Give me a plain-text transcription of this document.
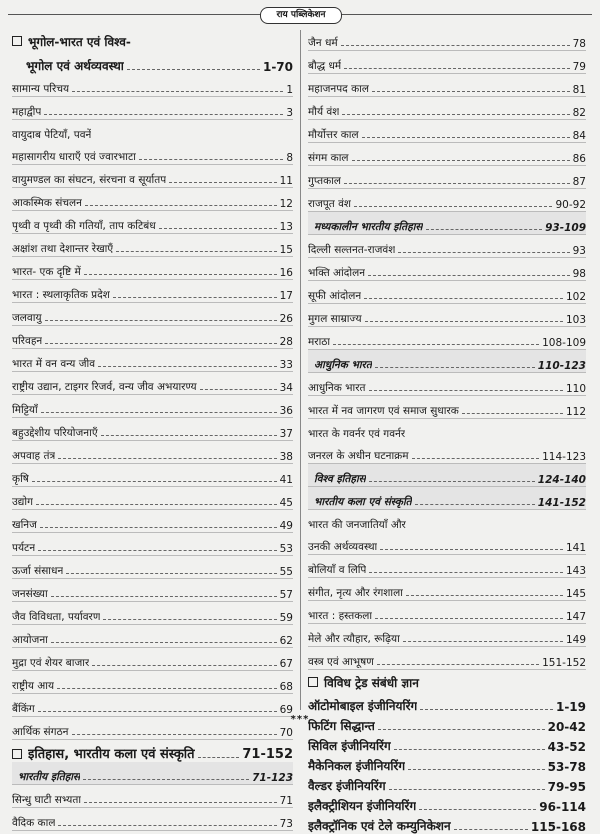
राय पब्लिकेशन
भूगोल-भारत एवं विश्व-
भूगोल एवं अर्थव्यवस्था	1-70
सामान्य परिचय	1
महाद्वीप	3
वायुदाब पेटियाँ, पवनें
महासागरीय धाराएँ एवं ज्वारभाटा	8
वायुमण्डल का संघटन, संरचना व सूर्यातप	11
आकस्मिक संचलन	12
पृथ्वी व पृथ्वी की गतियाँ, ताप कटिबंध	13
अक्षांश तथा देशान्तर रेखाएँ	15
भारत- एक दृष्टि में	16
भारत : स्थलाकृतिक प्रदेश	17
जलवायु	26
परिवहन	28
भारत में वन वन्य जीव	33
राष्ट्रीय उद्यान, टाइगर रिजर्व, वन्य जीव अभयारण्य	34
मिट्टियाँ	36
बहुउद्देशीय परियोजनाएँ	37
अपवाह तंत्र	38
कृषि	41
उद्योग	45
खनिज	49
पर्यटन	53
ऊर्जा संसाधन	55
जनसंख्या	57
जैव विविधता, पर्यावरण	59
आयोजना	62
मुद्रा एवं शेयर बाजार	67
राष्ट्रीय आय	68
बैंकिंग	69
आर्थिक संगठन	70
इतिहास, भारतीय कला एवं संस्कृति	71-152
भारतीय इतिहास	71-123
सिन्धु घाटी सभ्यता	71
वैदिक काल	73
जैन धर्म	78
बौद्ध धर्म	79
महाजनपद काल	81
मौर्य वंश	82
मौर्योत्तर काल	84
संगम काल	86
गुप्तकाल	87
राजपूत वंश	90-92
मध्यकालीन भारतीय इतिहास	93-109
दिल्ली सल्तनत-राजवंश	93
भक्ति आंदोलन	98
सूफी आंदोलन	102
मुगल साम्राज्य	103
मराठा	108-109
आधुनिक भारत	110-123
आधुनिक भारत	110
भारत में नव जागरण एवं समाज सुधारक	112
भारत के गवर्नर एवं गवर्नर
जनरल के अधीन घटनाक्रम	114-123
विश्व इतिहास	124-140
भारतीय कला एवं संस्कृति	141-152
भारत की जनजातियाँ और
उनकी अर्थव्यवस्था	141
बोलियाँ व लिपि	143
संगीत, नृत्य और रंगशाला	145
भारत : हस्तकला	147
मेले और त्यौहार, रूढ़िया	149
वस्त्र एवं आभूषण	151-152
विविध ट्रेड संबंधी ज्ञान
ऑटोमोबाइल इंजीनियरिंग	1-19
फिटिंग सिद्धान्त	20-42
सिविल इंजीनियरिंग	43-52
मैकेनिकल इंजीनियरिंग	53-78
वैल्डर इंजीनियरिंग	79-95
इलैक्ट्रीशियन इंजीनियरिंग	96-114
इलैक्ट्रॉनिक एवं टेले कम्युनिकेशन	115-168
***
